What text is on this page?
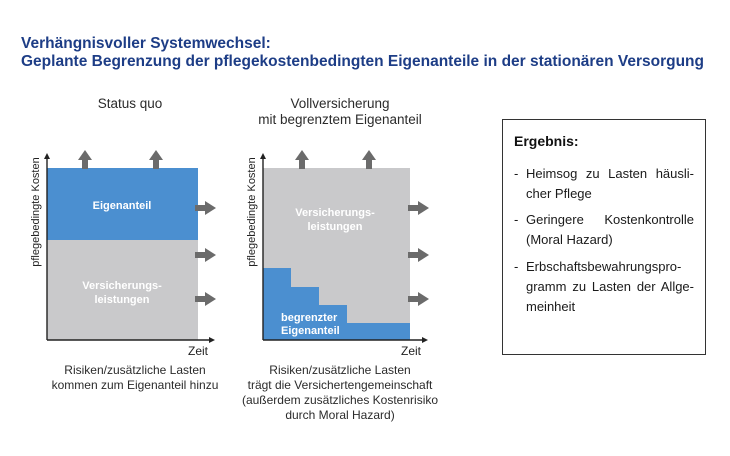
Verhängnisvoller Systemwechsel:
Geplante Begrenzung der pflegekostenbedingten Eigenanteile in der stationären Versorgung
Status quo
pflegebedingte Kosten
Zeit
Risiken/zusätzliche Lasten
kommen zum Eigenanteil hinzu
Vollversicherung
mit begrenztem Eigenanteil
pflegebedingte Kosten
Zeit
Risiken/zusätzliche Lasten
trägt die Versichertengemeinschaft
(außerdem zusätzliches Kostenrisiko
durch Moral Hazard)
Eigenanteil
Versicherungs-
leistungen
Versicherungs-
leistungen
begrenzter
Eigenanteil
Ergebnis:
- Heimsog zu Lasten häusli-
cher Pflege
- Geringere Kostenkontrolle
(Moral Hazard)
- Erbschaftsbewahrungspro-
gramm zu Lasten der Allge-
meinheit
